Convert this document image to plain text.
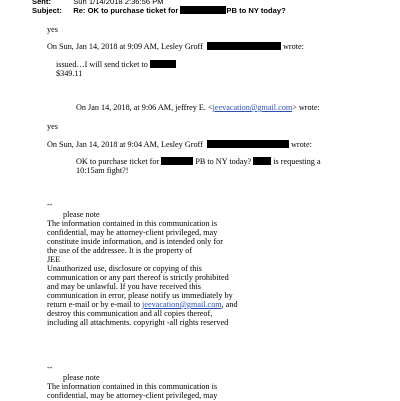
Sent:	Sun 1/14/2018 2:36:56 PM
Subject: Re: OK to purchase ticket for	PB to NY today?
yes
On Sun, Jan 14, 2018 at 9:09 AM, Lesley Groff	wrote:
issued…I will send ticket to
$349.11
On Jan 14, 2018, at 9:06 AM, jeffrey E. <jeevacation@gmail.com> wrote:
yes
On Sun, Jan 14, 2018 at 9:04 AM, Lesley Groff	wrote:
OK to purchase ticket for	PB to NY today?	is requesting a
10:15am fight?!
--
please note
The information contained in this communication is
confidential, may be attorney-client privileged, may
constitute inside information, and is intended only for
the use of the addressee. It is the property of
JEE
Unauthorized use, disclosure or copying of this
communication or any part thereof is strictly prohibited
and may be unlawful. If you have received this
communication in error, please notify us immediately by
return e-mail or by e-mail to jeevacation@gmail.com, and
destroy this communication and all copies thereof,
including all attachments. copyright -all rights reserved
--
please note
The information contained in this communication is
confidential, may be attorney-client privileged, may
